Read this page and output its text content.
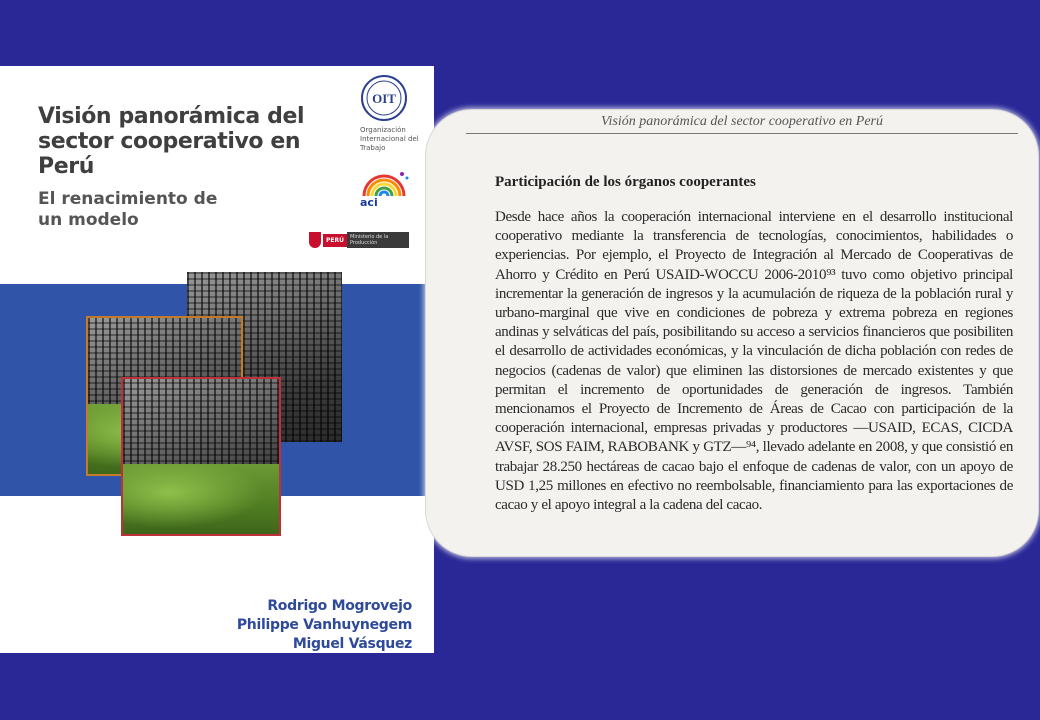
Visión panorámica del sector cooperativo en Perú
El renacimiento de un modelo
OIT
Organización Internacional del Trabajo
aci
PERÚ	Ministerio de la Producción
Rodrigo Mogrovejo
Philippe Vanhuynegem
Miguel Vásquez
Visión panorámica del sector cooperativo en Perú
Participación de los órganos cooperantes

Desde hace años la cooperación internacional interviene en el desarrollo institucional cooperativo mediante la transferencia de tecnologías, conocimientos, habilidades o experiencias. Por ejemplo, el Proyecto de Integración al Mercado de Cooperativas de Ahorro y Crédito en Perú USAID-WOCCU 2006-2010⁹³ tuvo como objetivo principal incrementar la generación de ingresos y la acumulación de riqueza de la población rural y urbano-marginal que vive en condiciones de pobreza y extrema pobreza en regiones andinas y selváticas del país, posibilitando su acceso a servicios financieros que posibiliten el desarrollo de actividades económicas, y la vinculación de dicha población con redes de negocios (cadenas de valor) que eliminen las distorsiones de mercado existentes y que permitan el incremento de oportunidades de generación de ingresos. También mencionamos el Proyecto de Incremento de Áreas de Cacao con participación de la cooperación internacional, empresas privadas y productores —USAID, ECAS, CICDA AVSF, SOS FAIM, RABOBANK y GTZ—⁹⁴, llevado adelante en 2008, y que consistió en trabajar 28.250 hectáreas de cacao bajo el enfoque de cadenas de valor, con un apoyo de USD 1,25 millones en efectivo no reembolsable, financiamiento para las exportaciones de cacao y el apoyo integral a la cadena del cacao.
